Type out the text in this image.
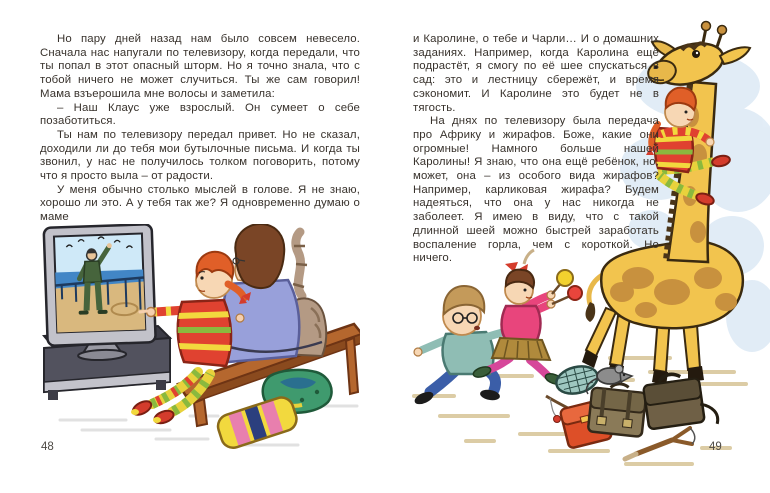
Но пару дней назад нам было совсем невесело. Сначала нас напугали по телевизору, когда передали, что ты попал в этот опасный шторм. Но я точно знала, что с тобой ничего не может случиться. Ты же сам говорил! Мама взъерошила мне волосы и заметила:

– Наш Клаус уже взрослый. Он сумеет о себе позаботиться.

Ты нам по телевизору передал привет. Но не сказал, доходили ли до тебя мои бутылочные письма. И когда ты звонил, у нас не получилось толком поговорить, потому что я просто выла – от радости.

У меня обычно столько мыслей в голове. Я не знаю, хорошо ли это. А у тебя так же? Я одновременно думаю о маме

и Каролине, о тебе и Чарли… И о домашних заданиях. Например, когда Каролина ещё подрастёт, я смогу по её шее спускаться в сад: это и лестницу сбережёт, и время сэкономит. И Каролине это будет не в тягость.

На днях по телевизору была передача про Африку и жирафов. Боже, какие они огромные! Намного больше нашей Каролины! Я знаю, что она ещё ребёнок, но, может, она – из особого вида жирафов? Например, карликовая жирафа? Будем надеяться, что она у нас никогда не заболеет. Я имею в виду, что с такой длинной шеей можно быстрей заработать воспаление горла, чем с короткой. Но ничего.

48	49
